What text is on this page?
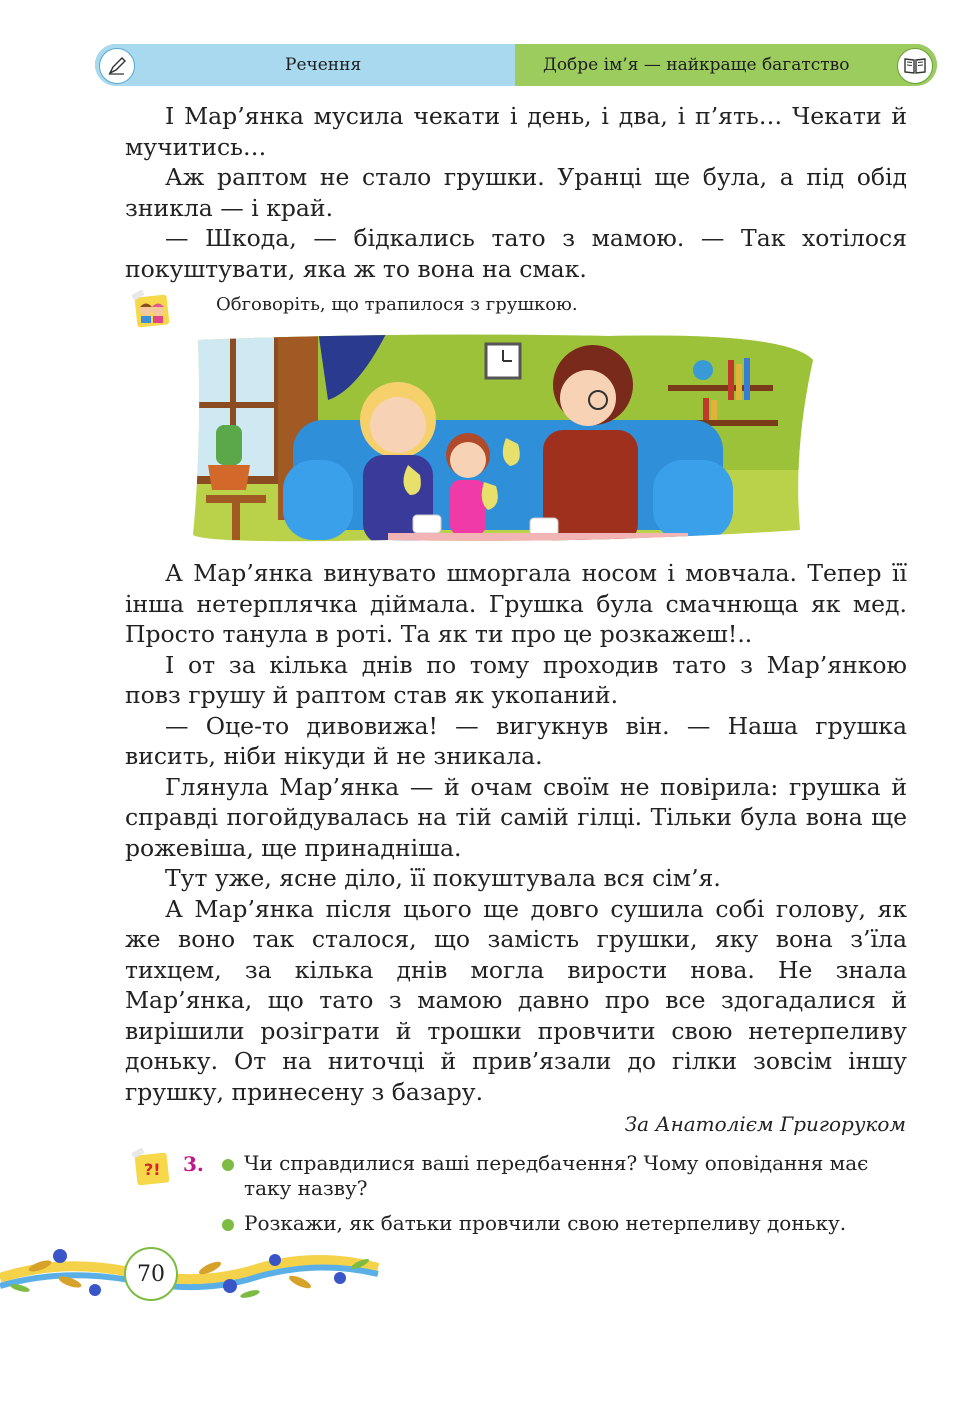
Речення	Добре ім’я — найкраще багатство

І Мар’янка мусила чекати і день, і два, і п’ять… Чекати й мучитись…

Аж раптом не стало грушки. Уранці ще була, а під обід зникла — і край.

— Шкода, — бідкались тато з мамою. — Так хотілося покуштувати, яка ж то вона на смак.

Обговоріть, що трапилося з грушкою.

А Мар’янка винувато шморгала носом і мовчала. Тепер її інша нетерплячка діймала. Грушка була смачнюща як мед. Просто танула в роті. Та як ти про це розкажеш!..

І от за кілька днів по тому проходив тато з Мар’янкою повз грушу й раптом став як укопаний.

— Оце-то дивовижа! — вигукнув він. — Наша грушка висить, ніби нікуди й не зникала.

Глянула Мар’янка — й очам своїм не повірила: грушка й справді погойдувалась на тій самій гілці. Тільки була вона ще рожевіша, ще принадніша.

Тут уже, ясне діло, її покуштувала вся сім’я.

А Мар’янка після цього ще довго сушила собі голову, як же воно так сталося, що замість грушки, яку вона з’їла тихцем, за кілька днів могла вирости нова. Не знала Мар’янка, що тато з мамою давно про все здогадалися й вирішили розіграти й трошки провчити свою нетерпеливу доньку. От на ниточці й прив’язали до гілки зовсім іншу грушку, принесену з базару.

За Анатолієм Григоруком
?! 3. Чи справдилися ваші передбачення? Чому оповідання має таку назву?
Розкажи, як батьки провчили свою нетерпеливу доньку.
70
